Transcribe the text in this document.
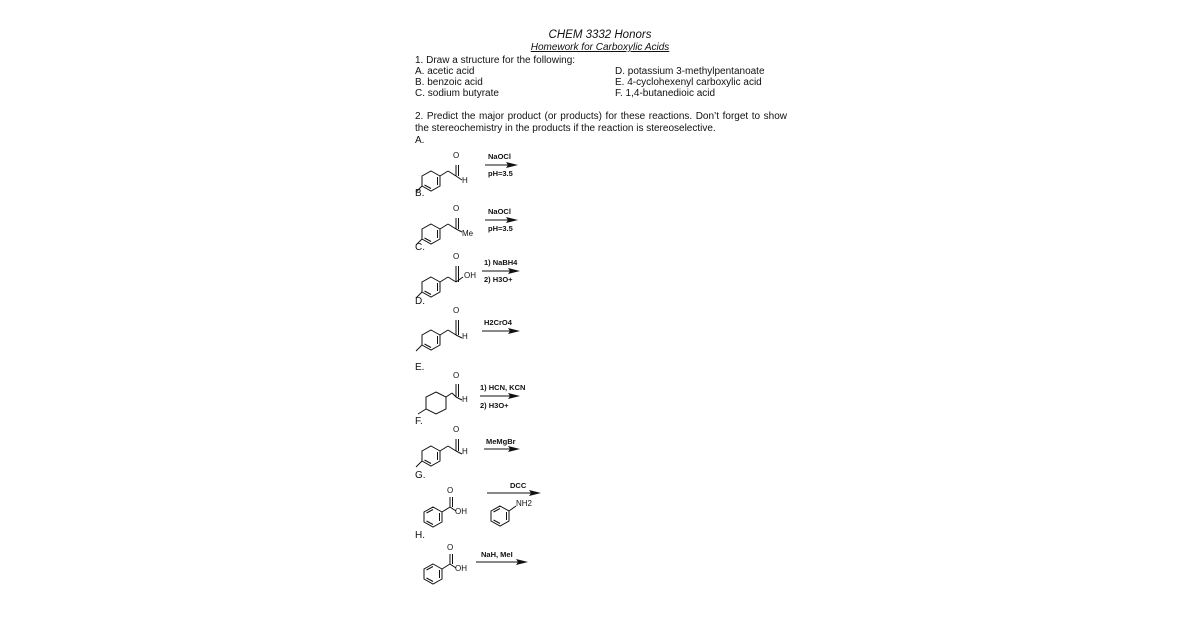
CHEM 3332 Honors
Homework for Carboxylic Acids
1. Draw a structure for the following:
A. acetic acid
B. benzoic acid
C. sodium butyrate
D. potassium 3-methylpentanoate
E. 4-cyclohexenyl carboxylic acid
F. 1,4-butanedioic acid
2. Predict the major product (or products) for these reactions. Don’t forget to show the stereochemistry in the products if the reaction is stereoselective.
A.
B.
C.
D.
E.
F.
G.
H.
NaOCl
pH=3.5
NaOCl
pH=3.5
1) NaBH4
2) H3O+
H2CrO4
1) HCN, KCN
2) H3O+
MeMgBr
DCC
NaH, MeI
O
H
O
Me
O
OH
O
H
O
H
O
H
O
OH
NH2
O
OH
